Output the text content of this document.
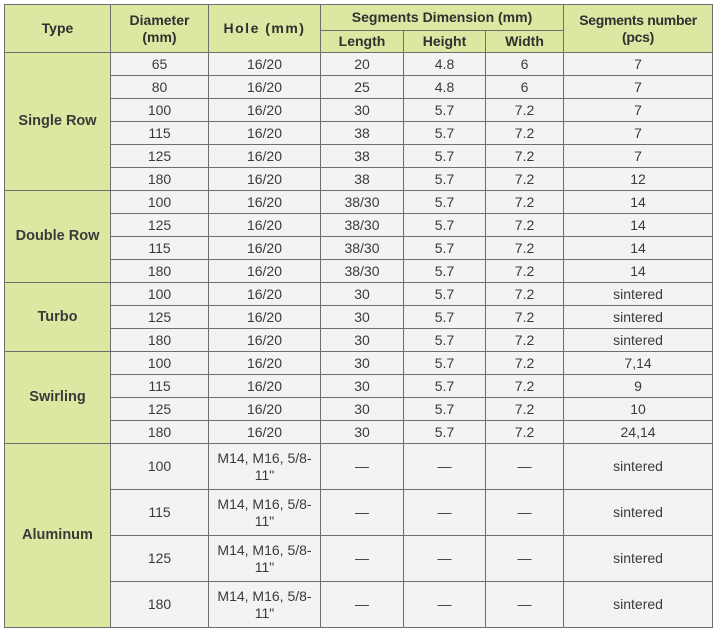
Type	Diameter (mm)	Hole (mm)	Segments Dimension (mm)			Segments number (pcs)
			Length	Height	Width	
Single Row	65	16/20	20	4.8	6	7
	80	16/20	25	4.8	6	7
	100	16/20	30	5.7	7.2	7
	115	16/20	38	5.7	7.2	7
	125	16/20	38	5.7	7.2	7
	180	16/20	38	5.7	7.2	12
Double Row	100	16/20	38/30	5.7	7.2	14
	125	16/20	38/30	5.7	7.2	14
	115	16/20	38/30	5.7	7.2	14
	180	16/20	38/30	5.7	7.2	14
Turbo	100	16/20	30	5.7	7.2	sintered
	125	16/20	30	5.7	7.2	sintered
	180	16/20	30	5.7	7.2	sintered
Swirling	100	16/20	30	5.7	7.2	7,14
	115	16/20	30	5.7	7.2	9
	125	16/20	30	5.7	7.2	10
	180	16/20	30	5.7	7.2	24,14
Aluminum	100	M14, M16, 5/8-11"	—	—	—	sintered
	115	M14, M16, 5/8-11"	—	—	—	sintered
	125	M14, M16, 5/8-11"	—	—	—	sintered
	180	M14, M16, 5/8-11"	—	—	—	sintered
